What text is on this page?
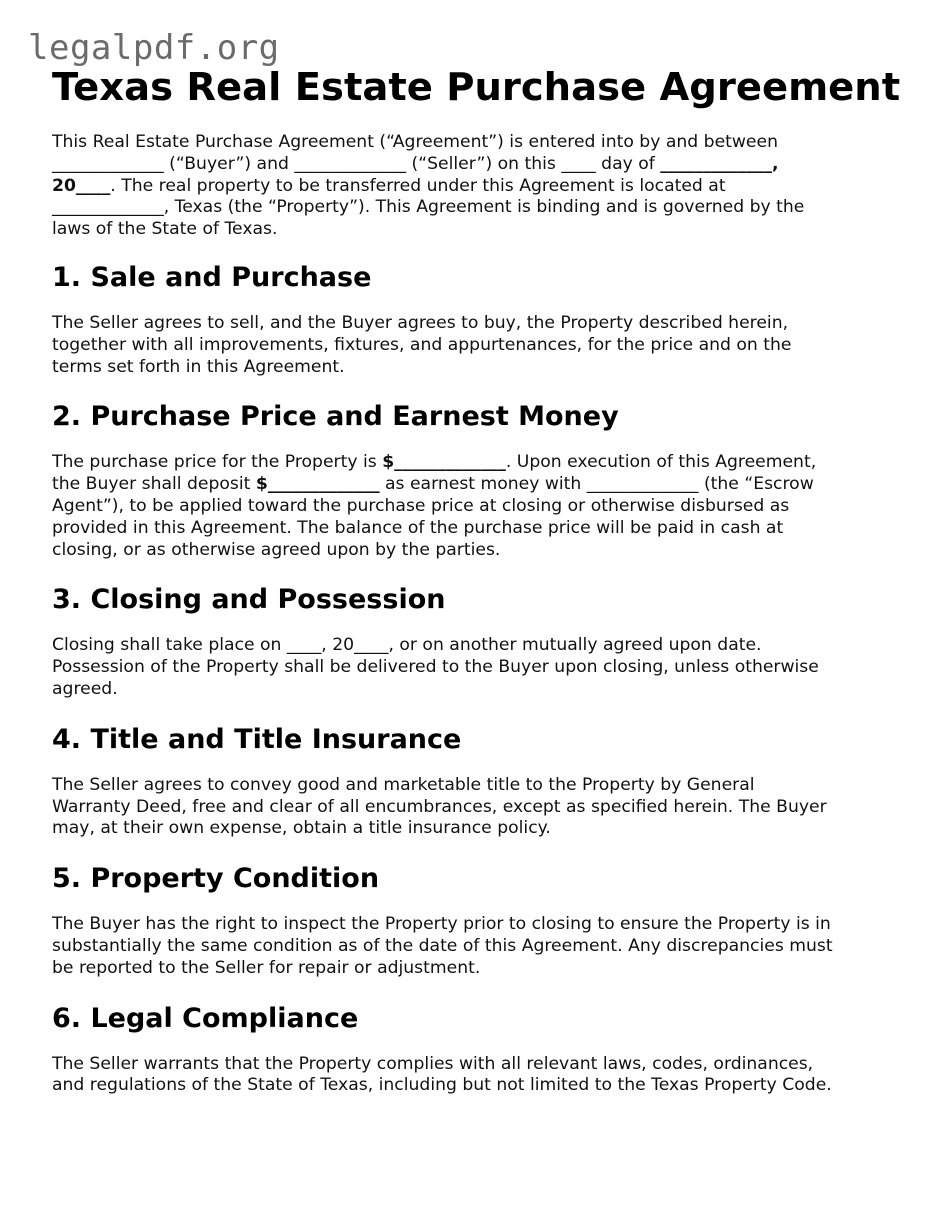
legalpdf.org
Texas Real Estate Purchase Agreement

This Real Estate Purchase Agreement (“Agreement”) is entered into by and between
_____________ (“Buyer”) and _____________ (“Seller”) on this ____ day of _____________,
20____. The real property to be transferred under this Agreement is located at
_____________, Texas (the “Property”). This Agreement is binding and is governed by the
laws of the State of Texas.

1. Sale and Purchase

The Seller agrees to sell, and the Buyer agrees to buy, the Property described herein,
together with all improvements, fixtures, and appurtenances, for the price and on the
terms set forth in this Agreement.

2. Purchase Price and Earnest Money

The purchase price for the Property is $_____________. Upon execution of this Agreement,
the Buyer shall deposit $_____________ as earnest money with _____________ (the “Escrow
Agent”), to be applied toward the purchase price at closing or otherwise disbursed as
provided in this Agreement. The balance of the purchase price will be paid in cash at
closing, or as otherwise agreed upon by the parties.

3. Closing and Possession

Closing shall take place on ____, 20____, or on another mutually agreed upon date.
Possession of the Property shall be delivered to the Buyer upon closing, unless otherwise
agreed.

4. Title and Title Insurance

The Seller agrees to convey good and marketable title to the Property by General
Warranty Deed, free and clear of all encumbrances, except as specified herein. The Buyer
may, at their own expense, obtain a title insurance policy.

5. Property Condition

The Buyer has the right to inspect the Property prior to closing to ensure the Property is in
substantially the same condition as of the date of this Agreement. Any discrepancies must
be reported to the Seller for repair or adjustment.

6. Legal Compliance

The Seller warrants that the Property complies with all relevant laws, codes, ordinances,
and regulations of the State of Texas, including but not limited to the Texas Property Code.
